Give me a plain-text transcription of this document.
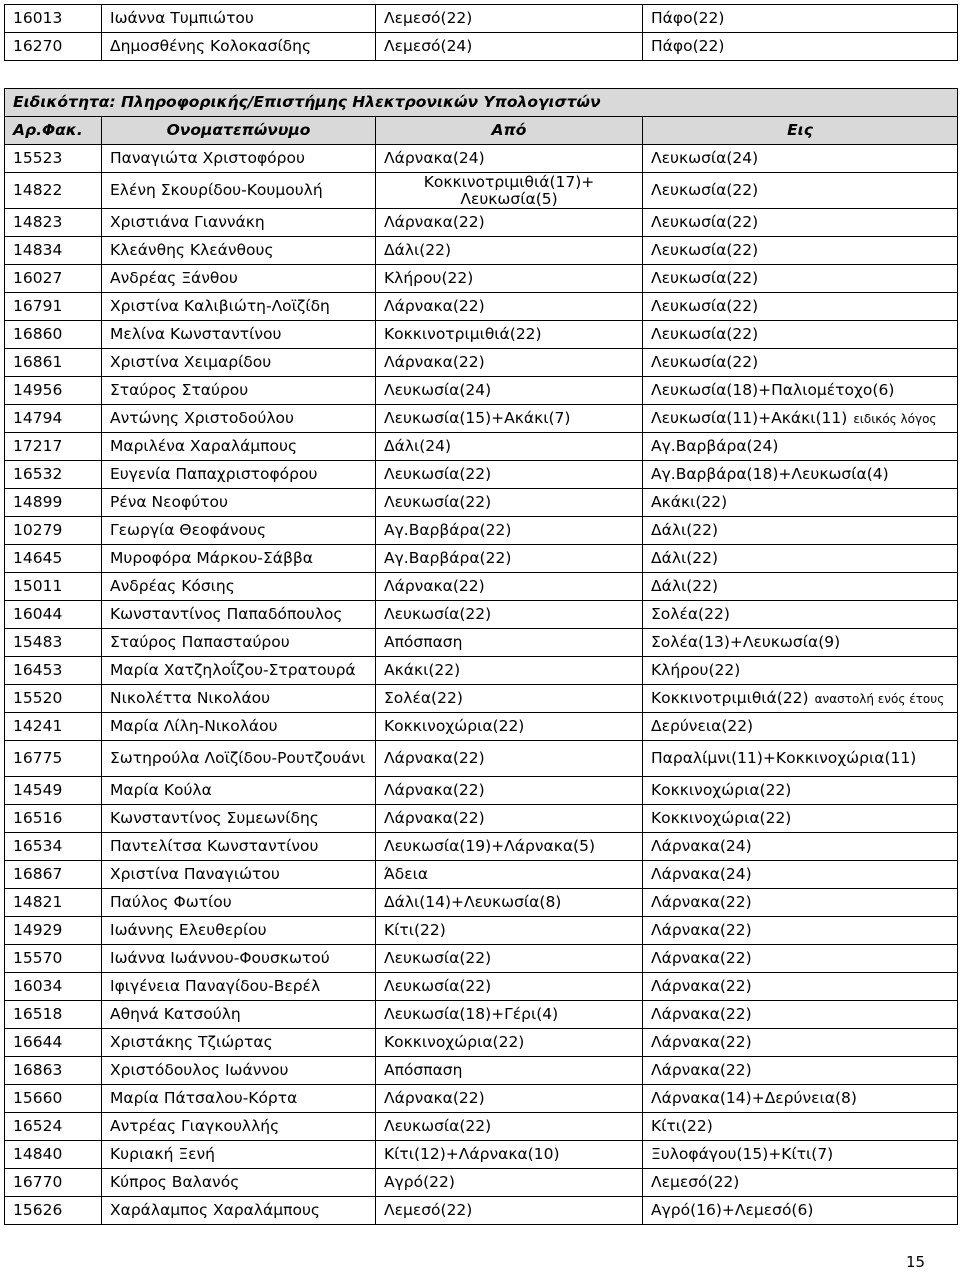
16013	Ιωάννα Τυμπιώτου	Λεμεσό(22)	Πάφο(22)
16270	Δημοσθένης Κολοκασίδης	Λεμεσό(24)	Πάφο(22)

Ειδικότητα: Πληροφορικής/Επιστήμης Ηλεκτρονικών Υπολογιστών			
Αρ.Φακ.	Ονοματεπώνυμο	Από	Εις
15523	Παναγιώτα Χριστοφόρου	Λάρνακα(24)	Λευκωσία(24)
14822	Ελένη Σκουρίδου-Κουμουλή	Κοκκινοτριμιθιά(17)+ Λευκωσία(5)	Λευκωσία(22)
14823	Χριστιάνα Γιαννάκη	Λάρνακα(22)	Λευκωσία(22)
14834	Κλεάνθης Κλεάνθους	Δάλι(22)	Λευκωσία(22)
16027	Ανδρέας Ξάνθου	Κλήρου(22)	Λευκωσία(22)
16791	Χριστίνα Καλιβιώτη-Λοϊζίδη	Λάρνακα(22)	Λευκωσία(22)
16860	Μελίνα Κωνσταντίνου	Κοκκινοτριμιθιά(22)	Λευκωσία(22)
16861	Χριστίνα Χειμαρίδου	Λάρνακα(22)	Λευκωσία(22)
14956	Σταύρος Σταύρου	Λευκωσία(24)	Λευκωσία(18)+Παλιομέτοχο(6)
14794	Αντώνης Χριστοδούλου	Λευκωσία(15)+Ακάκι(7)	Λευκωσία(11)+Ακάκι(11) ειδικός λόγος
17217	Μαριλένα Χαραλάμπους	Δάλι(24)	Αγ.Βαρβάρα(24)
16532	Ευγενία Παπαχριστοφόρου	Λευκωσία(22)	Αγ.Βαρβάρα(18)+Λευκωσία(4)
14899	Ρένα Νεοφύτου	Λευκωσία(22)	Ακάκι(22)
10279	Γεωργία Θεοφάνους	Αγ.Βαρβάρα(22)	Δάλι(22)
14645	Μυροφόρα Μάρκου-Σάββα	Αγ.Βαρβάρα(22)	Δάλι(22)
15011	Ανδρέας Κόσιης	Λάρνακα(22)	Δάλι(22)
16044	Κωνσταντίνος Παπαδόπουλος	Λευκωσία(22)	Σολέα(22)
15483	Σταύρος Παπασταύρου	Απόσπαση	Σολέα(13)+Λευκωσία(9)
16453	Μαρία Χατζηλοΐζου-Στρατουρά	Ακάκι(22)	Κλήρου(22)
15520	Νικολέττα Νικολάου	Σολέα(22)	Κοκκινοτριμιθιά(22) αναστολή ενός έτους
14241	Μαρία Λίλη-Νικολάου	Κοκκινοχώρια(22)	Δερύνεια(22)
16775	Σωτηρούλα Λοϊζίδου-Ρουτζουάνι	Λάρνακα(22)	Παραλίμνι(11)+Κοκκινοχώρια(11)
14549	Μαρία Κούλα	Λάρνακα(22)	Κοκκινοχώρια(22)
16516	Κωνσταντίνος Συμεωνίδης	Λάρνακα(22)	Κοκκινοχώρια(22)
16534	Παντελίτσα Κωνσταντίνου	Λευκωσία(19)+Λάρνακα(5)	Λάρνακα(24)
16867	Χριστίνα Παναγιώτου	Άδεια	Λάρνακα(24)
14821	Παύλος Φωτίου	Δάλι(14)+Λευκωσία(8)	Λάρνακα(22)
14929	Ιωάννης Ελευθερίου	Κίτι(22)	Λάρνακα(22)
15570	Ιωάννα Ιωάννου-Φουσκωτού	Λευκωσία(22)	Λάρνακα(22)
16034	Ιφιγένεια Παναγίδου-Βερέλ	Λευκωσία(22)	Λάρνακα(22)
16518	Αθηνά Κατσούλη	Λευκωσία(18)+Γέρι(4)	Λάρνακα(22)
16644	Χριστάκης Τζιώρτας	Κοκκινοχώρια(22)	Λάρνακα(22)
16863	Χριστόδουλος Ιωάννου	Απόσπαση	Λάρνακα(22)
15660	Μαρία Πάτσαλου-Κόρτα	Λάρνακα(22)	Λάρνακα(14)+Δερύνεια(8)
16524	Αντρέας Γιαγκουλλής	Λευκωσία(22)	Κίτι(22)
14840	Κυριακή Ξενή	Κίτι(12)+Λάρνακα(10)	Ξυλοφάγου(15)+Κίτι(7)
16770	Κύπρος Βαλανός	Αγρό(22)	Λεμεσό(22)
15626	Χαράλαμπος Χαραλάμπους	Λεμεσό(22)	Αγρό(16)+Λεμεσό(6)
15
